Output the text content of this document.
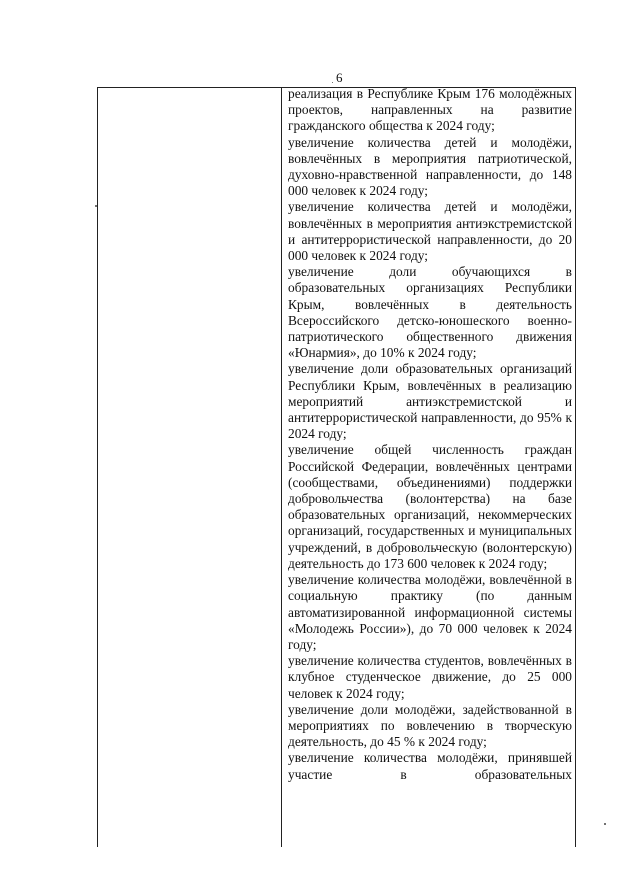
6

реализация в Республике Крым 176 молодёжных проектов, направленных на развитие гражданского общества к 2024 году;

увеличение количества детей и молодёжи, вовлечённых в мероприятия патриотической, духовно-нравственной направленности, до 148 000 человек к 2024 году;

увеличение количества детей и молодёжи, вовлечённых в мероприятия антиэкстремистской и антитеррористической направленности, до 20 000 человек к 2024 году;

увеличение доли обучающихся в образовательных организациях Республики Крым, вовлечённых в деятельность Всероссийского детско-юношеского военно-патриотического общественного движения «Юнармия», до 10% к 2024 году;

увеличение доли образовательных организаций Республики Крым, вовлечённых в реализацию мероприятий антиэкстремистской и антитеррористической направленности, до 95% к 2024 году;

увеличение общей численность граждан Российской Федерации, вовлечённых центрами (сообществами, объединениями) поддержки добровольчества (волонтерства) на базе образовательных организаций, некоммерческих организаций, государственных и муниципальных учреждений, в добровольческую (волонтерскую) деятельность до 173 600 человек к 2024 году;

увеличение количества молодёжи, вовлечённой в социальную практику (по данным автоматизированной информационной системы «Молодежь России»), до 70 000 человек к 2024 году;

увеличение количества студентов, вовлечённых в клубное студенческое движение, до 25 000 человек к 2024 году;

увеличение доли молодёжи, задействованной в мероприятиях по вовлечению в творческую деятельность, до 45 % к 2024 году;

увеличение количества молодёжи, принявшей участие в образовательных
